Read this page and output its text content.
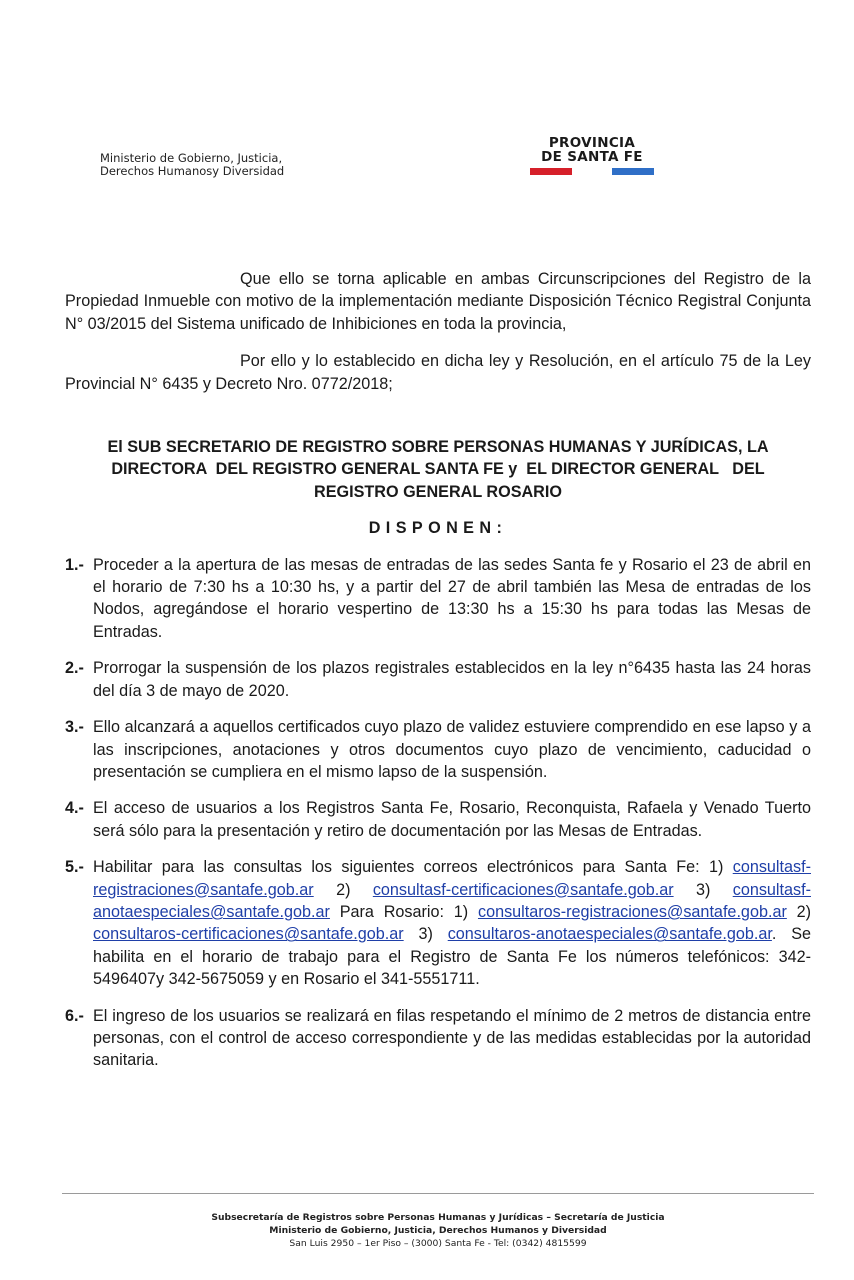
Ministerio de Gobierno, Justicia,
Derechos Humanosy Diversidad
PROVINCIA
DE SANTA FE

Que ello se torna aplicable en ambas Circunscripciones del Registro de la Propiedad Inmueble con motivo de la implementación mediante Disposición Técnico Registral Conjunta N° 03/2015 del Sistema unificado de Inhibiciones en toda la provincia,

Por ello y lo establecido en dicha ley y Resolución, en el artículo 75 de la Ley Provincial N° 6435 y Decreto Nro. 0772/2018;

El SUB SECRETARIO DE REGISTRO SOBRE PERSONAS HUMANAS Y JURÍDICAS, LA
DIRECTORA  DEL REGISTRO GENERAL SANTA FE y  EL DIRECTOR GENERAL   DEL
REGISTRO GENERAL ROSARIO
DISPONEN:
1.- Proceder a la apertura de las mesas de entradas de las sedes Santa fe y Rosario el 23 de abril en el horario de 7:30 hs a 10:30 hs, y a partir del 27 de abril también las Mesa de entradas de los Nodos, agregándose el horario vespertino de 13:30 hs a 15:30 hs para todas las Mesas de Entradas.
2.- Prorrogar la suspensión de los plazos registrales establecidos en la ley n°6435 hasta las 24 horas del día 3 de mayo de 2020.
3.- Ello alcanzará a aquellos certificados cuyo plazo de validez estuviere comprendido en ese lapso y a las inscripciones, anotaciones y otros documentos cuyo plazo de vencimiento, caducidad o presentación se cumpliera en el mismo lapso de la suspensión.
4.- El acceso de usuarios a los Registros Santa Fe, Rosario, Reconquista, Rafaela y Venado Tuerto será sólo para la presentación y retiro de documentación por las Mesas de Entradas.
5.- Habilitar para las consultas los siguientes correos electrónicos para Santa Fe: 1) consultasf-registraciones@santafe.gob.ar 2) consultasf-certificaciones@santafe.gob.ar 3) consultasf-anotaespeciales@santafe.gob.ar Para Rosario: 1) consultaros-registraciones@santafe.gob.ar 2) consultaros-certificaciones@santafe.gob.ar 3) consultaros-anotaespeciales@santafe.gob.ar. Se habilita en el horario de trabajo para el Registro de Santa Fe los números telefónicos: 342-5496407y 342-5675059 y en Rosario el 341-5551711.
6.- El ingreso de los usuarios se realizará en filas respetando el mínimo de 2 metros de distancia entre personas, con el control de acceso correspondiente y de las medidas establecidas por la autoridad sanitaria.
Subsecretaría de Registros sobre Personas Humanas y Jurídicas – Secretaría de Justicia
Ministerio de Gobierno, Justicia, Derechos Humanos y Diversidad
San Luis 2950 – 1er Piso – (3000) Santa Fe - Tel: (0342) 4815599
